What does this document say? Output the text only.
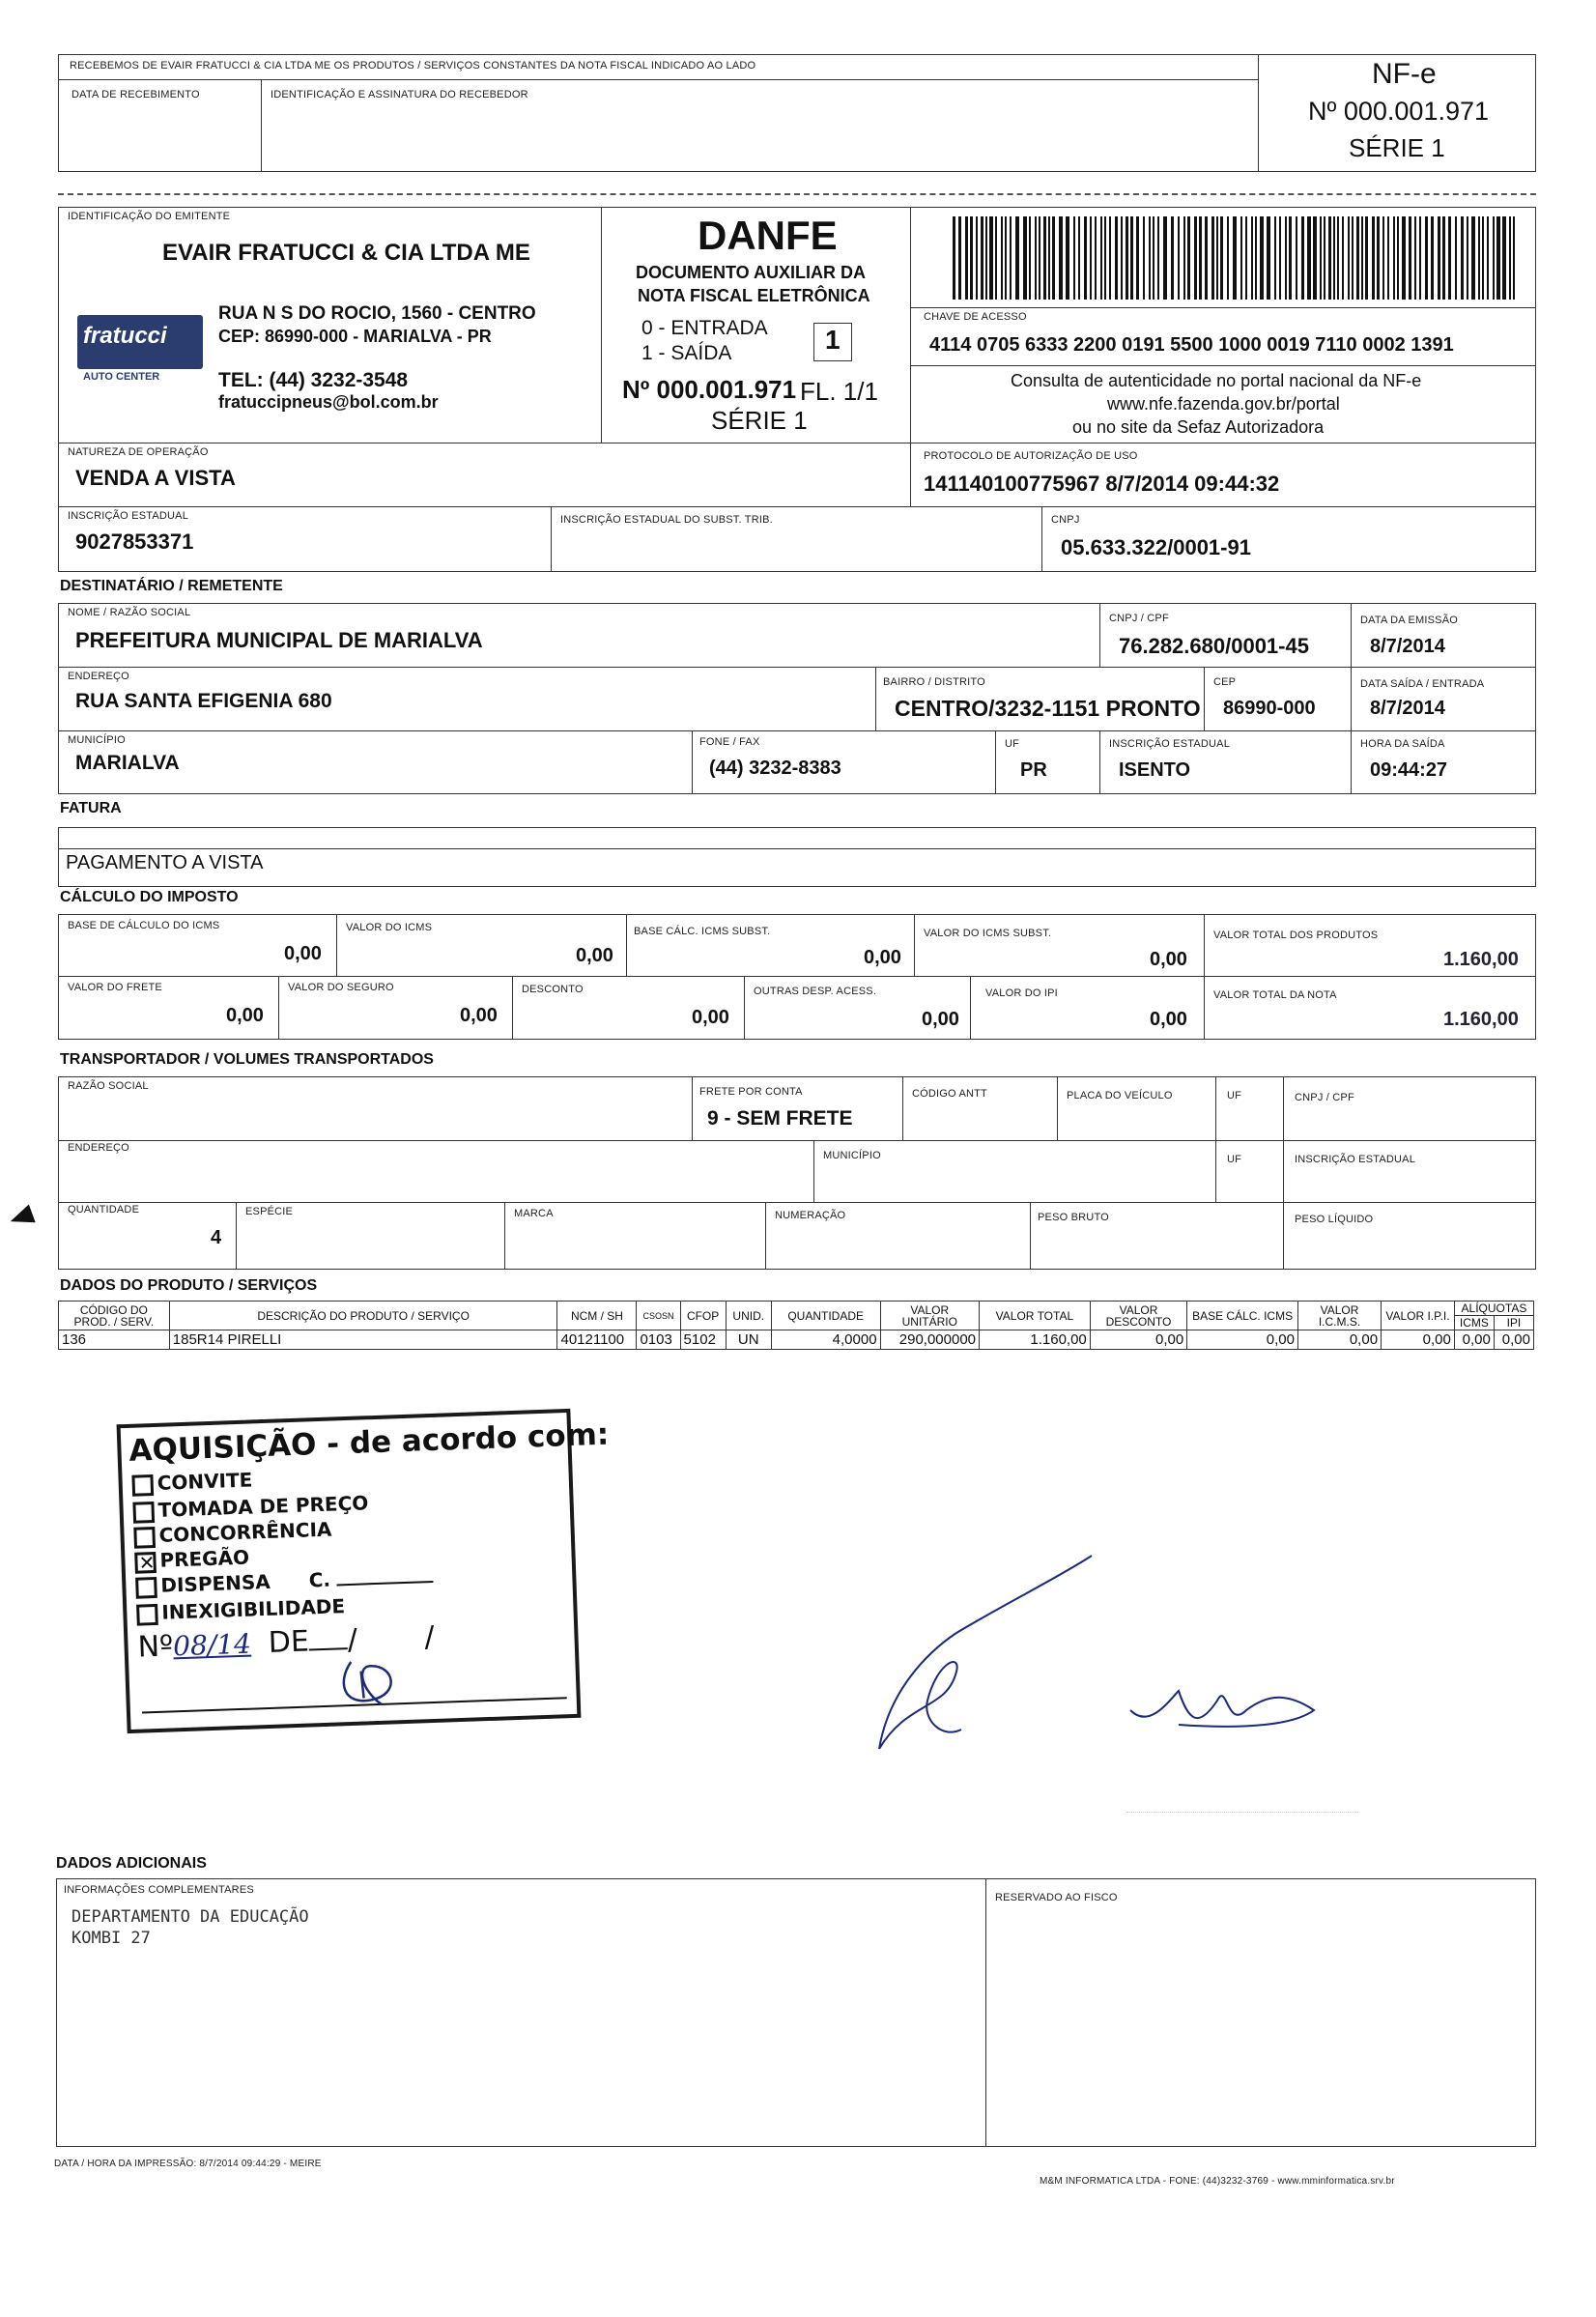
RECEBEMOS DE EVAIR FRATUCCI & CIA LTDA ME OS PRODUTOS / SERVIÇOS CONSTANTES DA NOTA FISCAL INDICADO AO LADO
DATA DE RECEBIMENTO	IDENTIFICAÇÃO E ASSINATURA DO RECEBEDOR
NF-e
Nº 000.001.971
SÉRIE 1
IDENTIFICAÇÃO DO EMITENTE
EVAIR FRATUCCI & CIA LTDA ME
fratucci
AUTO CENTER
RUA N S DO ROCIO, 1560 - CENTRO
CEP: 86990-000 - MARIALVA - PR
TEL: (44) 3232-3548
fratuccipneus@bol.com.br
DANFE
DOCUMENTO AUXILIAR DA
NOTA FISCAL ELETRÔNICA
0 - ENTRADA
1 - SAÍDA	1
Nº 000.001.971 FL. 1/1
SÉRIE 1
CHAVE DE ACESSO
4114 0705 6333 2200 0191 5500 1000 0019 7110 0002 1391
Consulta de autenticidade no portal nacional da NF-e
www.nfe.fazenda.gov.br/portal
ou no site da Sefaz Autorizadora
NATUREZA DE OPERAÇÃO
VENDA A VISTA
PROTOCOLO DE AUTORIZAÇÃO DE USO
141140100775967 8/7/2014 09:44:32
INSCRIÇÃO ESTADUAL
9027853371
INSCRIÇÃO ESTADUAL DO SUBST. TRIB.	CNPJ
05.633.322/0001-91
DESTINATÁRIO / REMETENTE
NOME / RAZÃO SOCIAL
PREFEITURA MUNICIPAL DE MARIALVA
CNPJ / CPF
76.282.680/0001-45
DATA DA EMISSÃO
8/7/2014
ENDEREÇO
RUA SANTA EFIGENIA 680
BAIRRO / DISTRITO
CENTRO/3232-1151 PRONTO
CEP
86990-000
DATA SAÍDA / ENTRADA
8/7/2014
MUNICÍPIO
MARIALVA
FONE / FAX
(44) 3232-8383
UF
PR
INSCRIÇÃO ESTADUAL
ISENTO
HORA DA SAÍDA
09:44:27
FATURA
PAGAMENTO A VISTA
CÁLCULO DO IMPOSTO
BASE DE CÁLCULO DO ICMS
0,00
VALOR DO ICMS
0,00
BASE CÁLC. ICMS SUBST.
0,00
VALOR DO ICMS SUBST.
0,00
VALOR TOTAL DOS PRODUTOS
1.160,00
VALOR DO FRETE
0,00
VALOR DO SEGURO
0,00
DESCONTO
0,00
OUTRAS DESP. ACESS.
0,00
VALOR DO IPI
0,00
VALOR TOTAL DA NOTA
1.160,00
TRANSPORTADOR / VOLUMES TRANSPORTADOS
RAZÃO SOCIAL	FRETE POR CONTA
9 - SEM FRETE
CÓDIGO ANTT	PLACA DO VEÍCULO	UF	CNPJ / CPF
ENDEREÇO
MUNICÍPIO	UF	INSCRIÇÃO ESTADUAL
QUANTIDADE
4
ESPÉCIE	MARCA	NUMERAÇÃO	PESO BRUTO	PESO LÍQUIDO
DADOS DO PRODUTO / SERVIÇOS
CÓDIGO DO PROD. / SERV.	DESCRIÇÃO DO PRODUTO / SERVIÇO	NCM / SH	CSOSN	CFOP	UNID.	QUANTIDADE	VALOR UNITÁRIO	VALOR TOTAL	VALOR DESCONTO	BASE CÁLC. ICMS	VALOR I.C.M.S.	VALOR I.P.I.	ALÍQUOTAS	
													ICMS	IPI
136	185R14 PIRELLI	40121100	0103	5102	UN	4,0000	290,000000	1.160,00	0,00	0,00	0,00	0,00	0,00	0,00
AQUISIÇÃO - de acordo com:
CONVITE
TOMADA DE PREÇO
CONCORRÊNCIA
✕PREGÃO
DISPENSA C.
INEXIGIBILIDADE
Nº08/14 DE / /
DADOS ADICIONAIS
INFORMAÇÕES COMPLEMENTARES
DEPARTAMENTO DA EDUCAÇÃO
KOMBI 27
RESERVADO AO FISCO
DATA / HORA DA IMPRESSÃO: 8/7/2014 09:44:29 - MEIRE
M&M INFORMATICA LTDA - FONE: (44)3232-3769 - www.mminformatica.srv.br
